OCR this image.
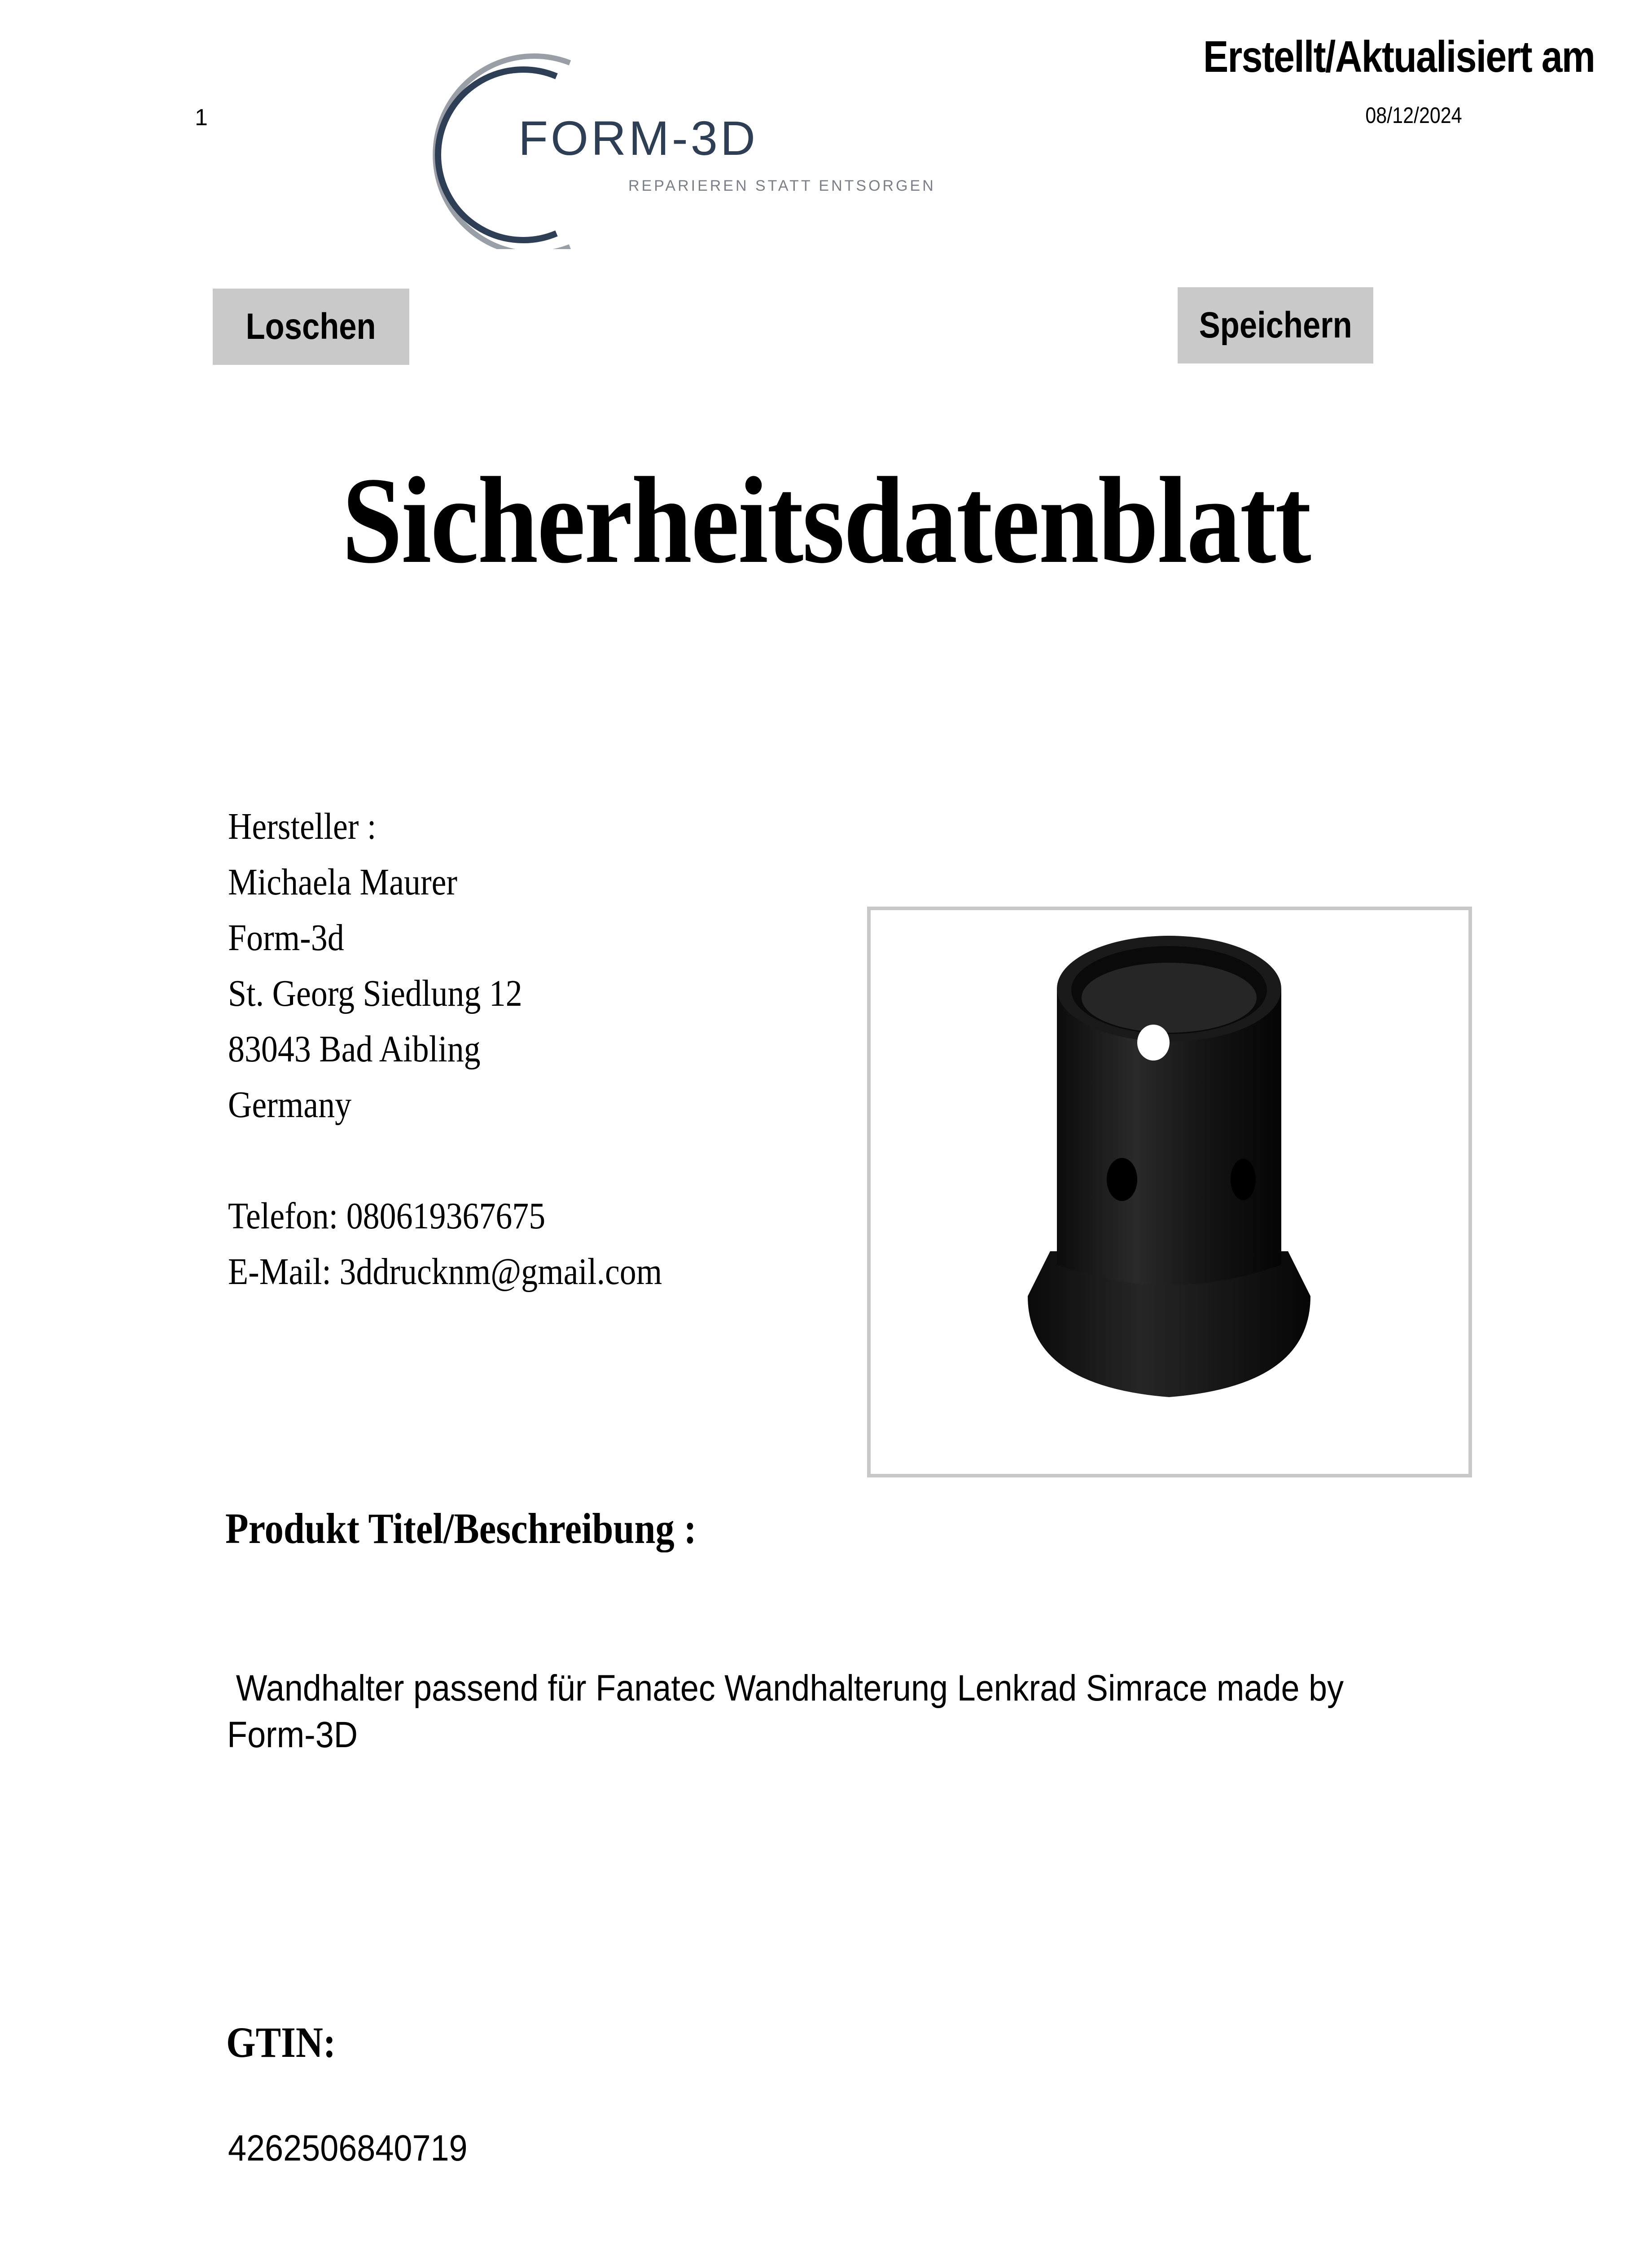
1	FORM-3D
REPARIEREN STATT ENTSORGEN
Erstellt/Aktualisiert am
08/12/2024
Loschen	Speichern
Sicherheitsdatenblatt
Hersteller :
Michaela Maurer
Form-3d
St. Georg Siedlung 12
83043 Bad Aibling
Germany
Telefon: 080619367675
E-Mail: 3ddrucknm@gmail.com
Produkt Titel/Beschreibung :
Wandhalter passend für Fanatec Wandhalterung Lenkrad Simrace made by
Form-3D
GTIN:
4262506840719
